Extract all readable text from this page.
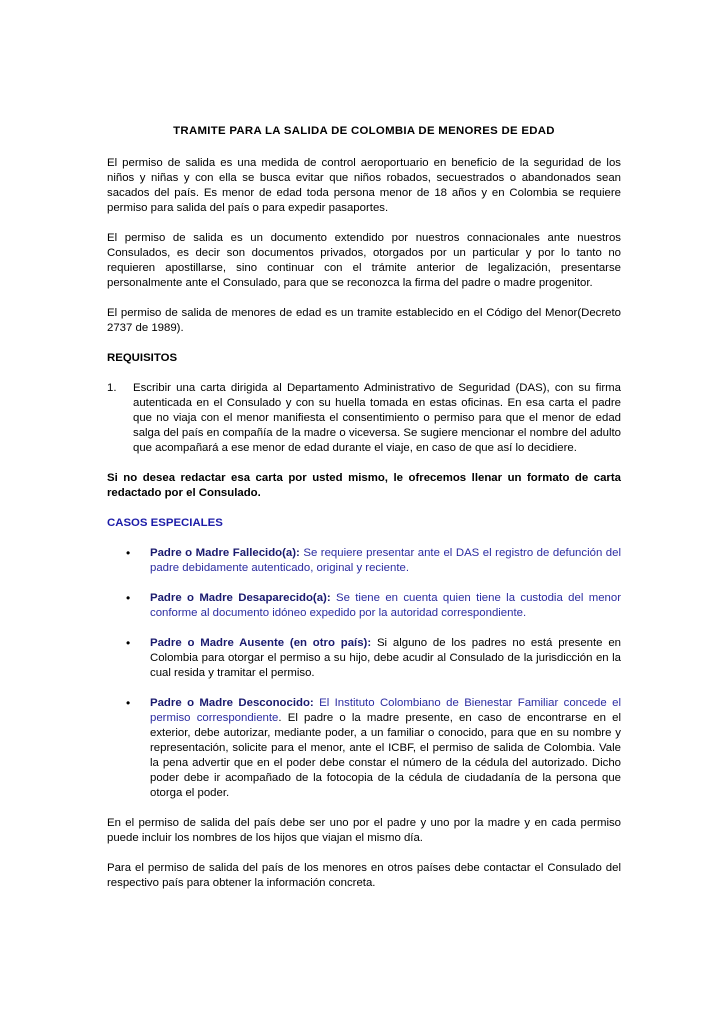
TRAMITE PARA LA SALIDA DE COLOMBIA DE MENORES DE EDAD

El permiso de salida es una medida de control aeroportuario en beneficio de la seguridad de los niños y niñas y con ella se busca evitar que niños robados, secuestrados o abandonados sean sacados del país. Es menor de edad toda persona menor de 18 años y en Colombia se requiere permiso para salida del país o para expedir pasaportes.

El permiso de salida es un documento extendido por nuestros connacionales ante nuestros Consulados, es decir son documentos privados, otorgados por un particular y por lo tanto no requieren apostillarse, sino continuar con el trámite anterior de legalización, presentarse personalmente ante el Consulado, para que se reconozca la firma del padre o madre progenitor.

El permiso de salida de menores de edad es un tramite establecido en el Código del Menor(Decreto 2737 de 1989).

REQUISITOS
1. Escribir una carta dirigida al Departamento Administrativo de Seguridad (DAS), con su firma autenticada en el Consulado y con su huella tomada en estas oficinas. En esa carta el padre que no viaja con el menor manifiesta el consentimiento o permiso para que el menor de edad salga del país en compañía de la madre o viceversa. Se sugiere mencionar el nombre del adulto que acompañará a ese menor de edad durante el viaje, en caso de que así lo decidiere.

Si no desea redactar esa carta por usted mismo, le ofrecemos llenar un formato de carta redactado por el Consulado.

CASOS ESPECIALES
• Padre o Madre Fallecido(a): Se requiere presentar ante el DAS el registro de defunción del padre debidamente autenticado, original y reciente.
• Padre o Madre Desaparecido(a): Se tiene en cuenta quien tiene la custodia del menor conforme al documento idóneo expedido por la autoridad correspondiente.
• Padre o Madre Ausente (en otro país): Si alguno de los padres no está presente en Colombia para otorgar el permiso a su hijo, debe acudir al Consulado de la jurisdicción en la cual resida y tramitar el permiso.
• Padre o Madre Desconocido: El Instituto Colombiano de Bienestar Familiar concede el permiso correspondiente. El padre o la madre presente, en caso de encontrarse en el exterior, debe autorizar, mediante poder, a un familiar o conocido, para que en su nombre y representación, solicite para el menor, ante el ICBF, el permiso de salida de Colombia. Vale la pena advertir que en el poder debe constar el número de la cédula del autorizado. Dicho poder debe ir acompañado de la fotocopia de la cédula de ciudadanía de la persona que otorga el poder.

En el permiso de salida del país debe ser uno por el padre y uno por la madre y en cada permiso puede incluir los nombres de los hijos que viajan el mismo día.

Para el permiso de salida del país de los menores en otros países debe contactar el Consulado del respectivo país para obtener la información concreta.
